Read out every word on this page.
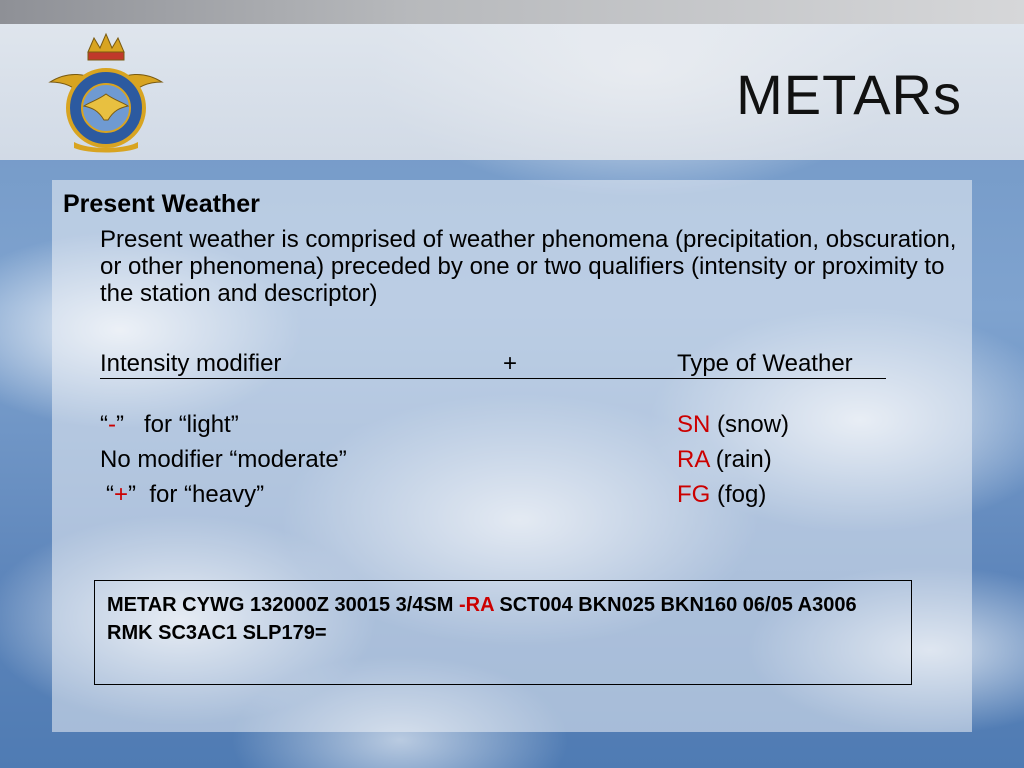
METARs
Present Weather
Present weather is comprised of weather phenomena (precipitation, obscuration, or other phenomena) preceded by one or two qualifiers (intensity or proximity to the station and descriptor)
Intensity modifier	+	Type of Weather
“-” for “light”
No modifier “moderate”
“+” for “heavy”
SN (snow)
RA (rain)
FG (fog)
METAR CYWG 132000Z 30015 3/4SM -RA SCT004 BKN025 BKN160 06/05 A3006 RMK SC3AC1 SLP179=
